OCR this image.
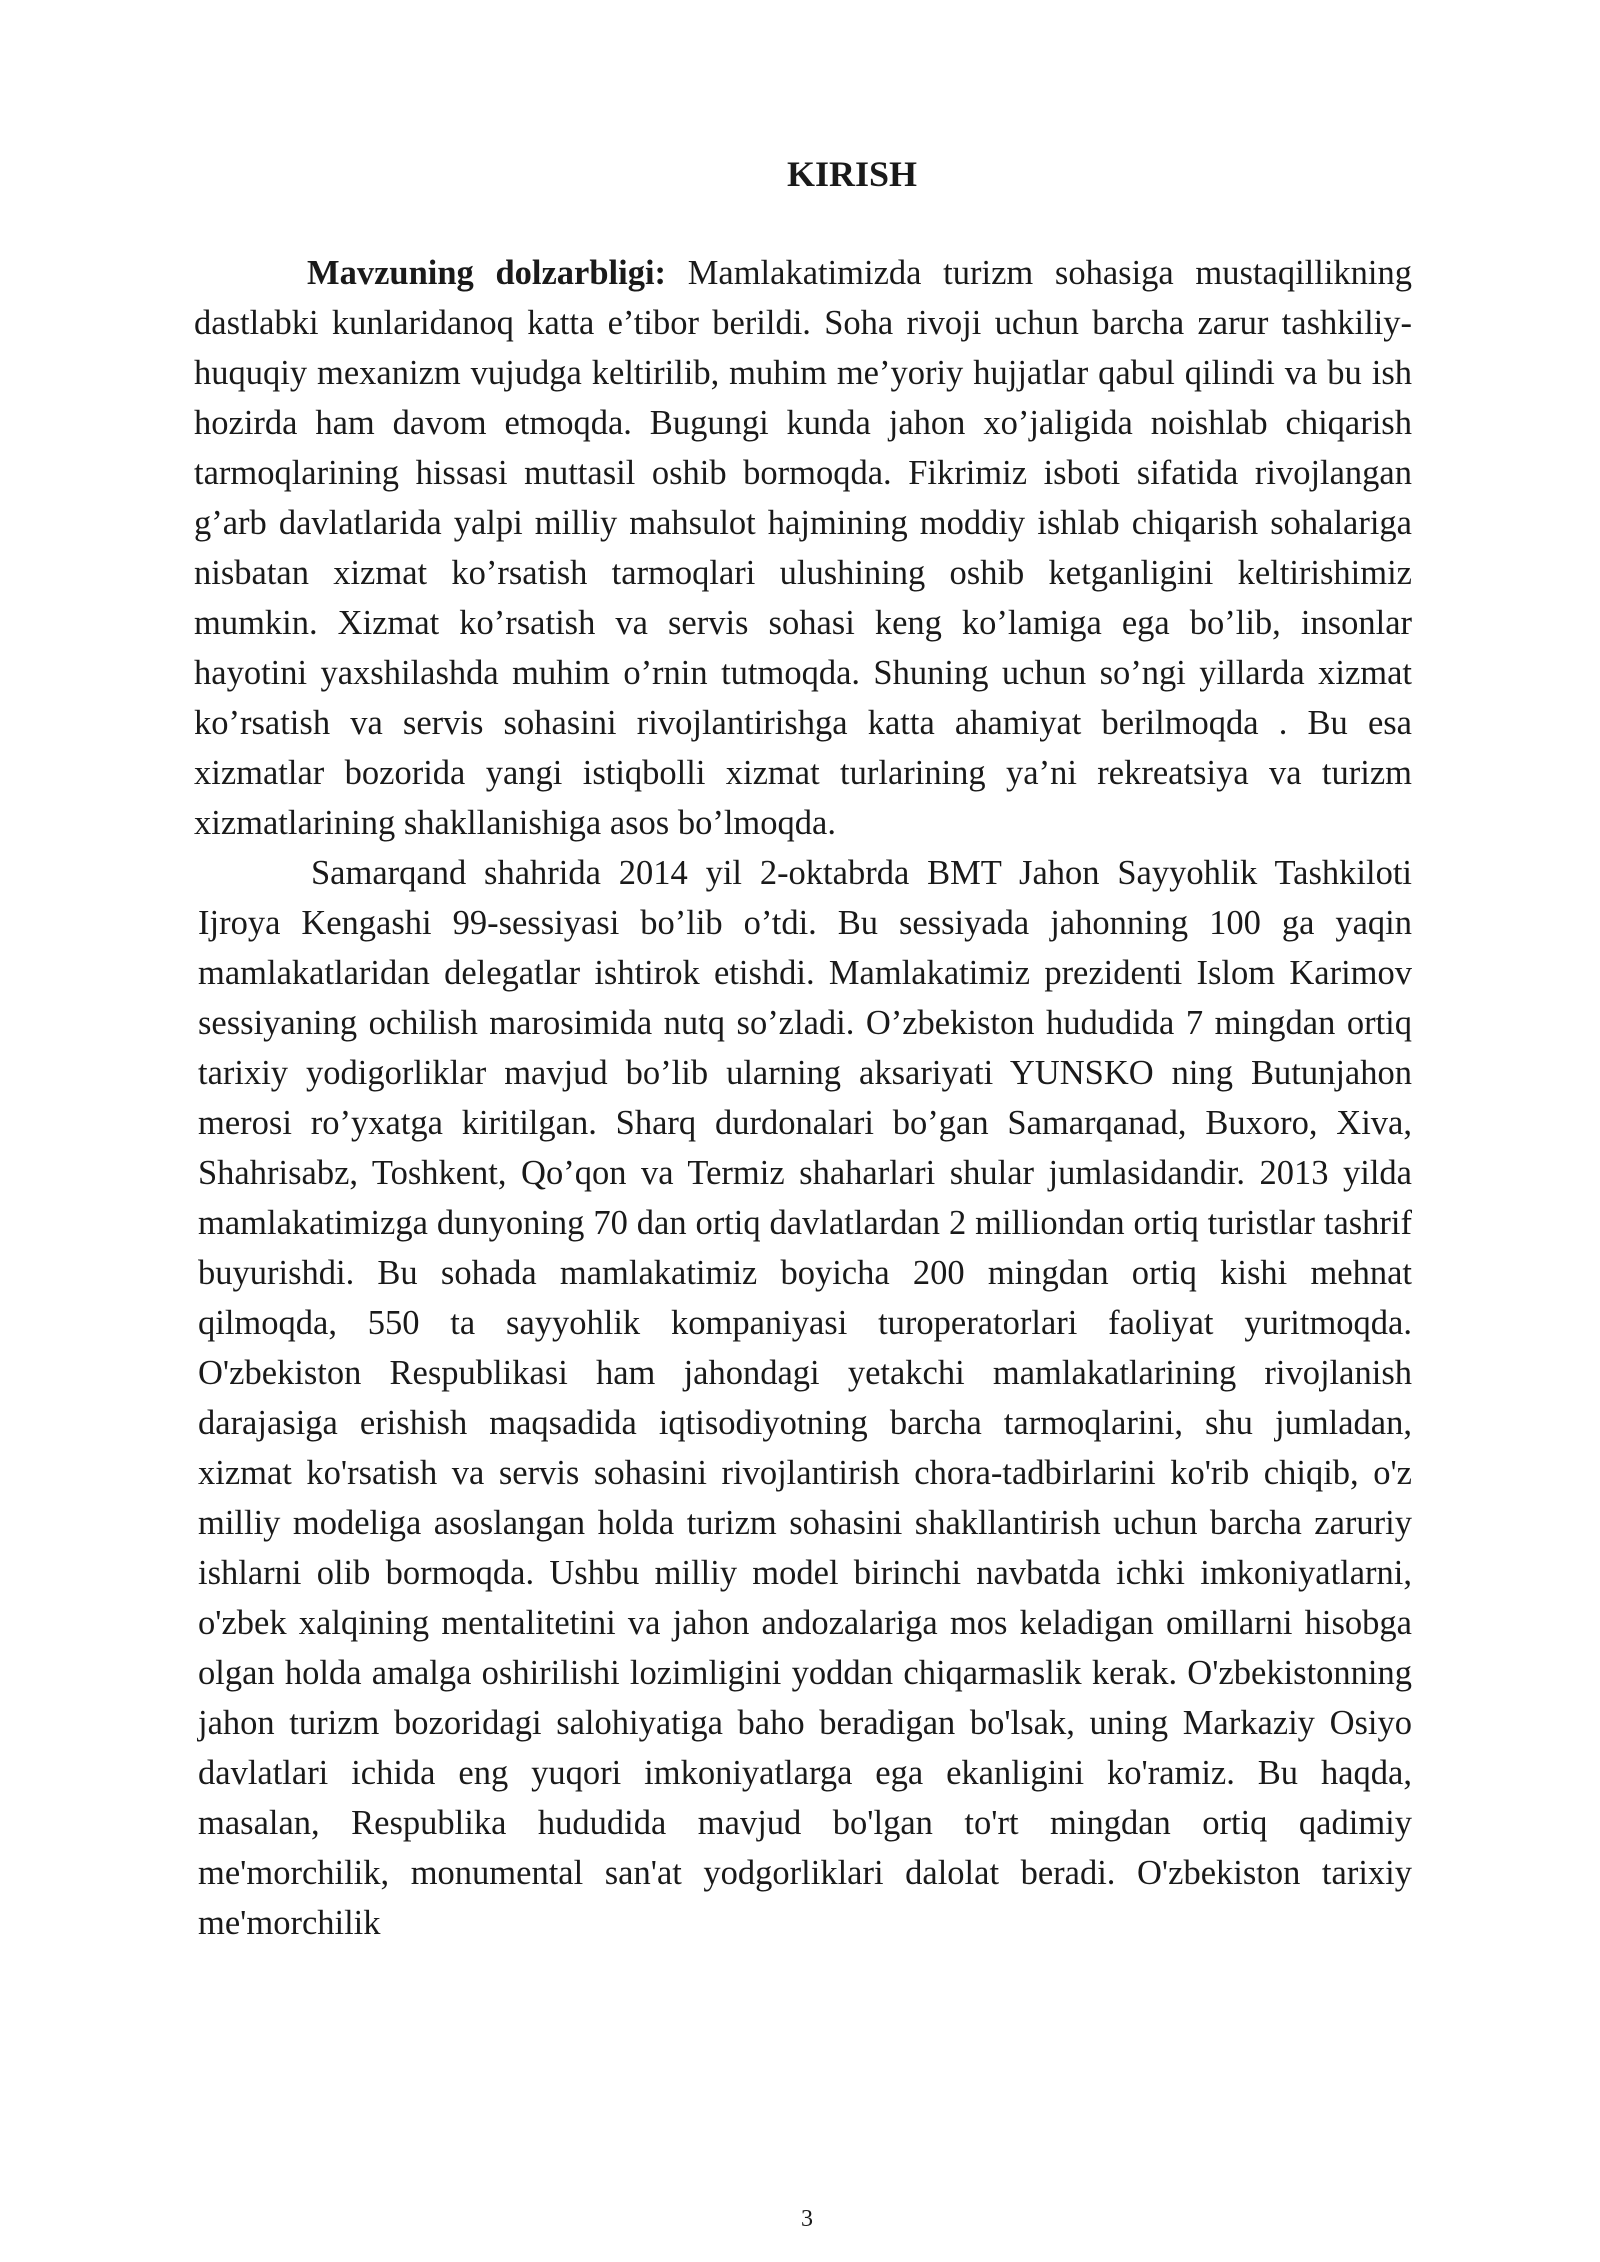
KIRISH

Mavzuning dolzarbligi: Mamlakatimizda turizm sohasiga mustaqillikning dastlabki kunlaridanoq katta e’tibor berildi. Soha rivoji uchun barcha zarur tashkiliy-huquqiy mexanizm vujudga keltirilib, muhim me’yoriy hujjatlar qabul qilindi va bu ish hozirda ham davom etmoqda. Bugungi kunda jahon xo’jaligida noishlab chiqarish tarmoqlarining hissasi muttasil oshib bormoqda. Fikrimiz isboti sifatida rivojlangan g’arb davlatlarida yalpi milliy mahsulot hajmining moddiy ishlab chiqarish sohalariga nisbatan xizmat ko’rsatish tarmoqlari ulushining oshib ketganligini keltirishimiz mumkin. Xizmat ko’rsatish va servis sohasi keng ko’lamiga ega bo’lib, insonlar hayotini yaxshilashda muhim o’rnin tutmoqda. Shuning uchun so’ngi yillarda xizmat ko’rsatish va servis sohasini rivojlantirishga katta ahamiyat berilmoqda . Bu esa xizmatlar bozorida yangi istiqbolli xizmat turlarining ya’ni rekreatsiya va turizm xizmatlarining shakllanishiga asos bo’lmoqda.

Samarqand shahrida 2014 yil 2-oktabrda BMT Jahon Sayyohlik Tashkiloti Ijroya Kengashi 99-sessiyasi bo’lib o’tdi. Bu sessiyada jahonning 100 ga yaqin mamlakatlaridan delegatlar ishtirok etishdi. Mamlakatimiz prezidenti Islom Karimov sessiyaning ochilish marosimida nutq so’zladi. O’zbekiston hududida 7 mingdan ortiq tarixiy yodigorliklar mavjud bo’lib ularning aksariyati YUNSKO ning Butunjahon merosi ro’yxatga kiritilgan. Sharq durdonalari bo’gan Samarqanad, Buxoro, Xiva, Shahrisabz, Toshkent, Qo’qon va Termiz shaharlari shular jumlasidandir. 2013 yilda mamlakatimizga dunyoning 70 dan ortiq davlatlardan 2 milliondan ortiq turistlar tashrif buyurishdi. Bu sohada mamlakatimiz boyicha 200 mingdan ortiq kishi mehnat qilmoqda, 550 ta sayyohlik kompaniyasi turoperatorlari faoliyat yuritmoqda. O'zbekiston Respublikasi ham jahondagi yetakchi mamlakatlarining rivojlanish darajasiga erishish maqsadida iqtisodiyotning barcha tarmoqlarini, shu jumladan, xizmat ko'rsatish va servis sohasini rivojlantirish chora-tadbirlarini ko'rib chiqib, o'z milliy modeliga asoslangan holda turizm sohasini shakllantirish uchun barcha zaruriy ishlarni olib bormoqda. Ushbu milliy model birinchi navbatda ichki imkoniyatlarni, o'zbek xalqining mentalitetini va jahon andozalariga mos keladigan omillarni hisobga olgan holda amalga oshirilishi lozimligini yoddan chiqarmaslik kerak. O'zbekistonning jahon turizm bozoridagi salohiyatiga baho beradigan bo'lsak, uning Markaziy Osiyo davlatlari ichida eng yuqori imkoniyatlarga ega ekanligini ko'ramiz. Bu haqda, masalan, Respublika hududida mavjud bo'lgan to'rt mingdan ortiq qadimiy me'morchilik, monumental san'at yodgorliklari dalolat beradi. O'zbekiston tarixiy me'morchilik

3
